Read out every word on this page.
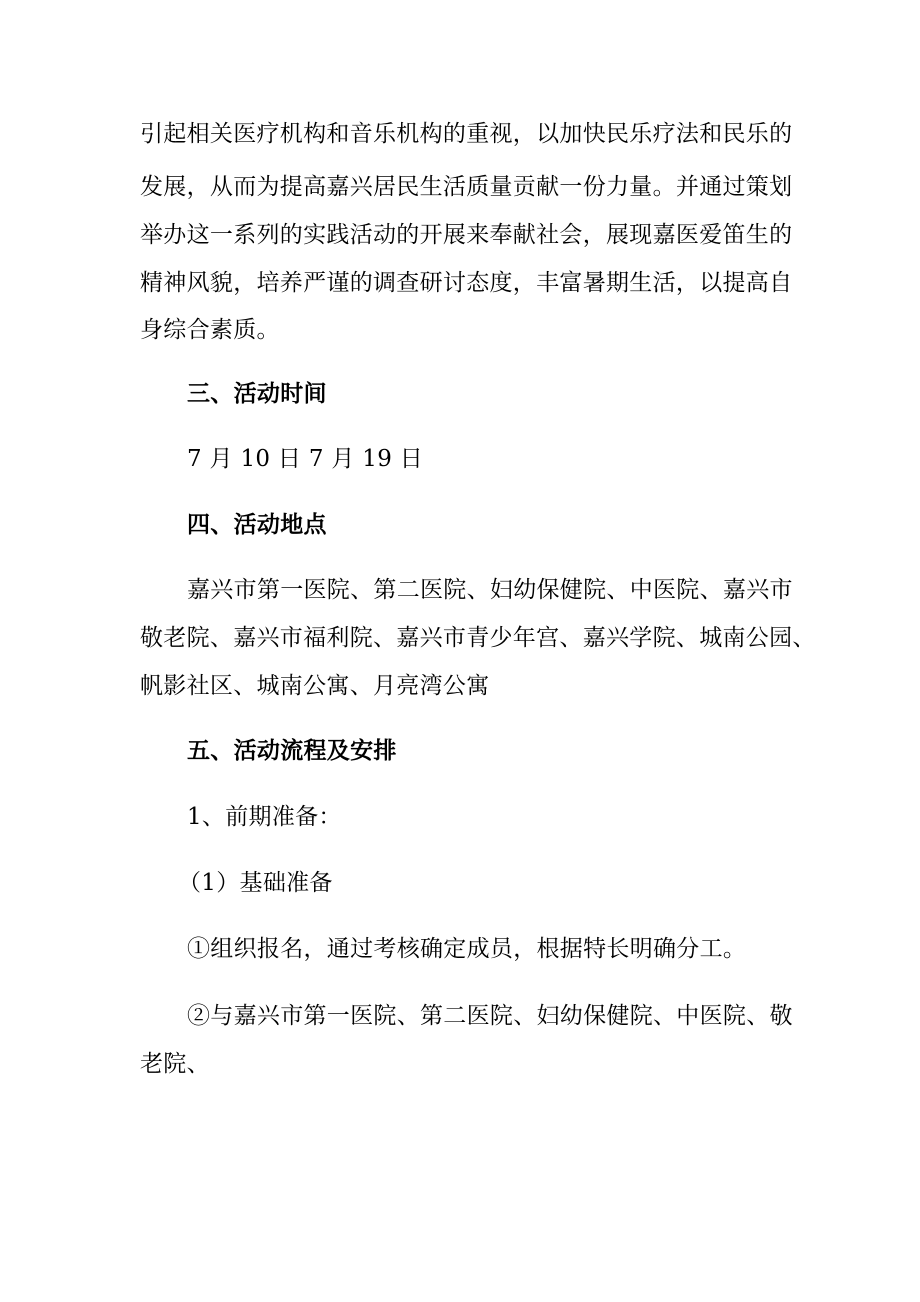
引起相关医疗机构和音乐机构的重视，以加快民乐疗法和民乐的
发展，从而为提高嘉兴居民生活质量贡献一份力量。并通过策划
举办这一系列的实践活动的开展来奉献社会，展现嘉医爱笛生的
精神风貌，培养严谨的调查研讨态度，丰富暑期生活，以提高自
身综合素质。
三、活动时间
7 月 10 日 7 月 19 日
四、活动地点
嘉兴市第一医院、第二医院、妇幼保健院、中医院、嘉兴市
敬老院、嘉兴市福利院、嘉兴市青少年宫、嘉兴学院、城南公园、
帆影社区、城南公寓、月亮湾公寓
五、活动流程及安排
1、前期准备：
（1）基础准备
①组织报名，通过考核确定成员，根据特长明确分工。
②与嘉兴市第一医院、第二医院、妇幼保健院、中医院、敬
老院、
